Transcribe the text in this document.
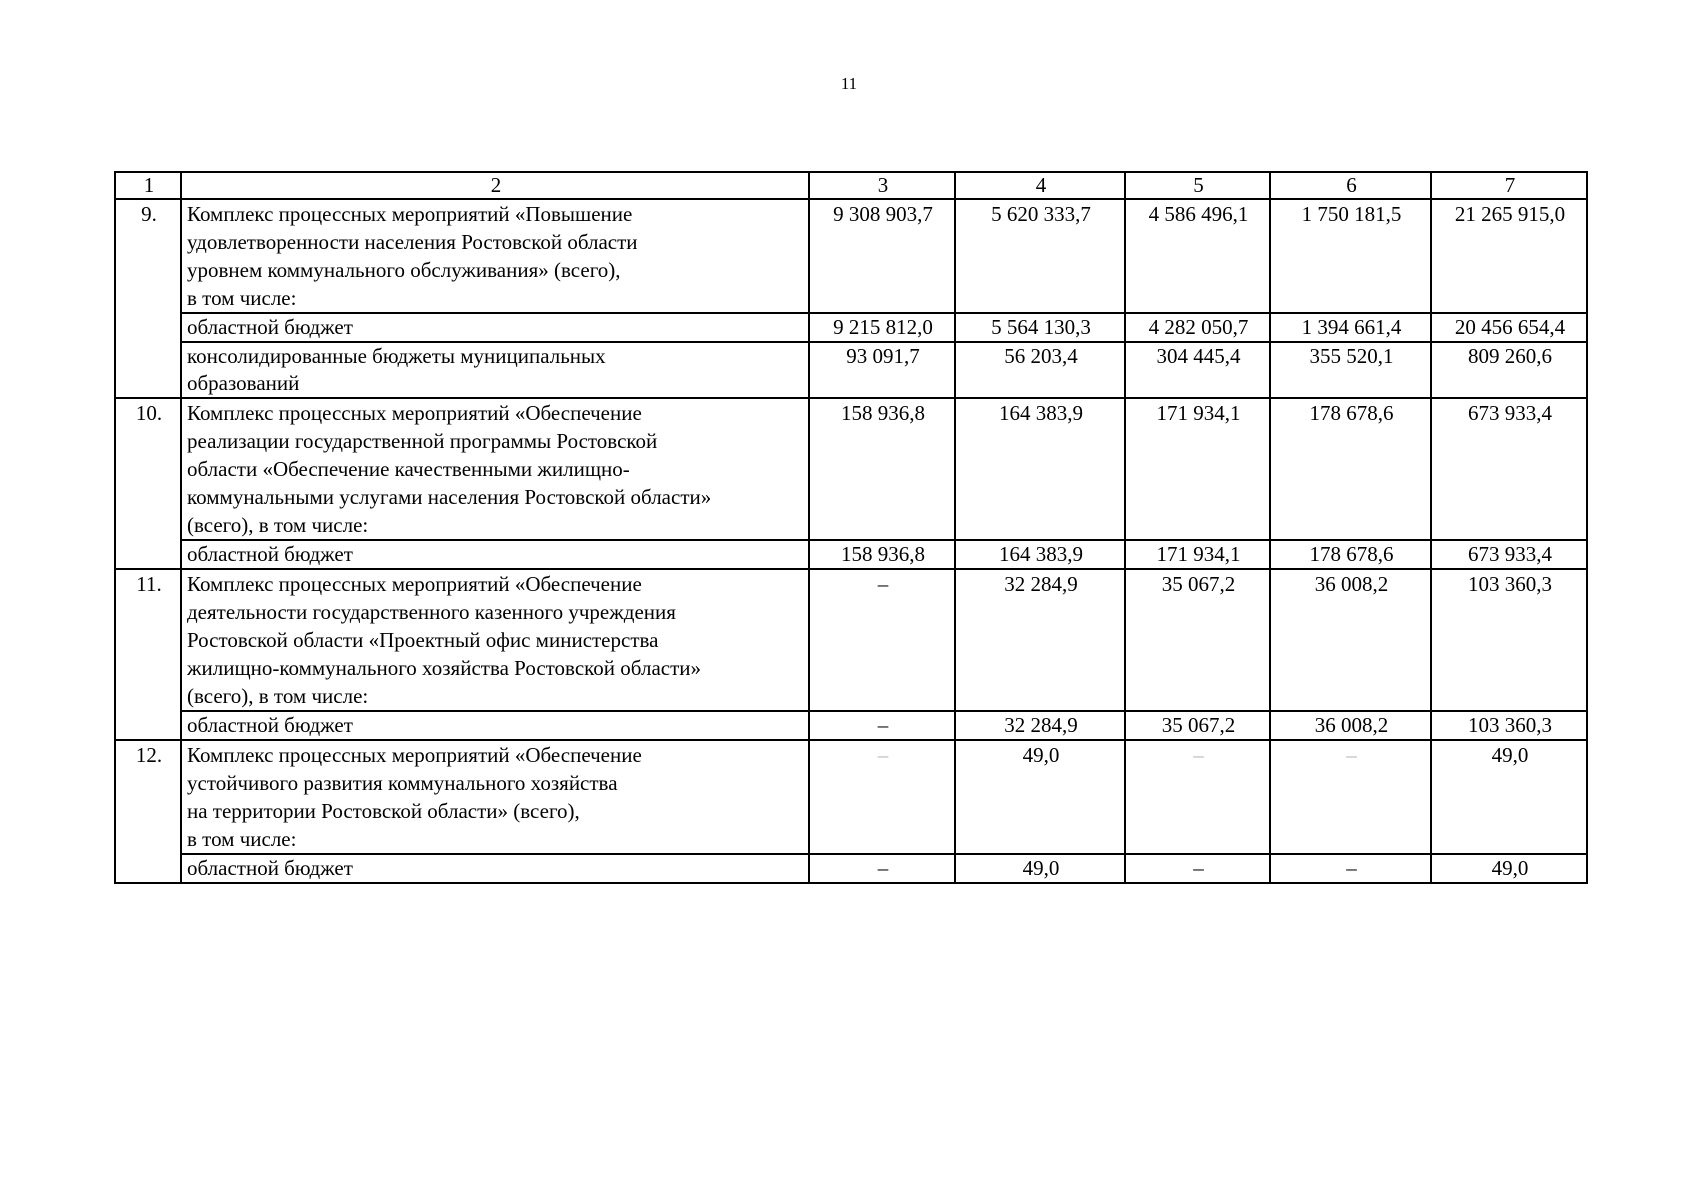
11
1	2	3	4	5	6	7
9.	Комплекс процессных мероприятий «Повышение
удовлетворенности населения Ростовской области
уровнем коммунального обслуживания» (всего),
в том числе:	9 308 903,7	5 620 333,7	4 586 496,1	1 750 181,5	21 265 915,0
	областной бюджет	9 215 812,0	5 564 130,3	4 282 050,7	1 394 661,4	20 456 654,4

	консолидированные бюджеты муниципальных
образований	93 091,7	56 203,4	304 445,4	355 520,1	809 260,6
10.	Комплекс процессных мероприятий «Обеспечение
реализации государственной программы Ростовской
области «Обеспечение качественными жилищно-
коммунальными услугами населения Ростовской области»
(всего), в том числе:	158 936,8	164 383,9	171 934,1	178 678,6	673 933,4
	областной бюджет	158 936,8	164 383,9	171 934,1	178 678,6	673 933,4
11.	Комплекс процессных мероприятий «Обеспечение
деятельности государственного казенного учреждения
Ростовской области «Проектный офис министерства
жилищно-коммунального хозяйства Ростовской области»
(всего), в том числе:	–	32 284,9	35 067,2	36 008,2	103 360,3
	областной бюджет	–	32 284,9	35 067,2	36 008,2	103 360,3
12.	Комплекс процессных мероприятий «Обеспечение
устойчивого развития коммунального хозяйства
на территории Ростовской области» (всего),
в том числе:	–	49,0	–	–	49,0
	областной бюджет	–	49,0	–	–	49,0
